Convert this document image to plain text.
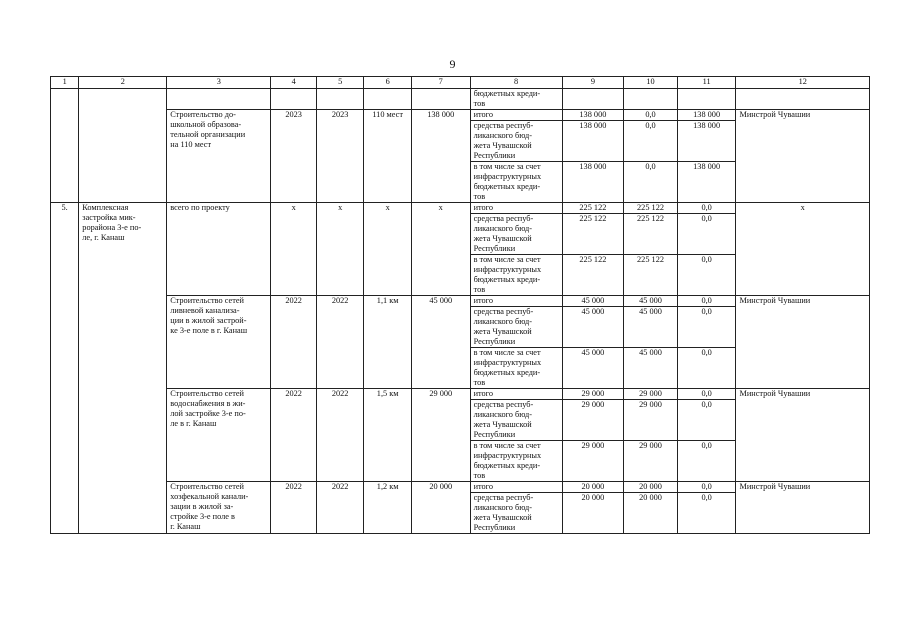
9
1	2	3	4	5	6	7	8	9	10	11	12
							бюджетных креди-
тов				
		Строительство до-
школьной образова-
тельной организации
на 110 мест	2023	2023	110 мест	138 000	итого	138 000	0,0	138 000	Минстрой Чувашии
							средства респуб-
ликанского бюд-
жета Чувашской
Республики	138 000	0,0	138 000	
							в том числе за счет
инфраструктурных
бюджетных креди-
тов	138 000	0,0	138 000	
5.	Комплексная
застройка мик-
рорайона 3-е по-
ле, г. Канаш	всего по проекту	х	х	х	х	итого	225 122	225 122	0,0	х
							средства респуб-
ликанского бюд-
жета Чувашской
Республики	225 122	225 122	0,0	
							в том числе за счет
инфраструктурных
бюджетных креди-
тов	225 122	225 122	0,0	
		Строительство сетей
ливневой канализа-
ции в жилой застрой-
ке 3-е поле в г. Канаш	2022	2022	1,1 км	45 000	итого	45 000	45 000	0,0	Минстрой Чувашии
							средства респуб-
ликанского бюд-
жета Чувашской
Республики	45 000	45 000	0,0	
							в том числе за счет
инфраструктурных
бюджетных креди-
тов	45 000	45 000	0,0	
		Строительство сетей
водоснабжения в жи-
лой застройке 3-е по-
ле в г. Канаш	2022	2022	1,5 км	29 000	итого	29 000	29 000	0,0	Минстрой Чувашии
							средства респуб-
ликанского бюд-
жета Чувашской
Республики	29 000	29 000	0,0	
							в том числе за счет
инфраструктурных
бюджетных креди-
тов	29 000	29 000	0,0	
		Строительство сетей
хозфекальной канали-
зации в жилой за-
стройке 3-е поле в
г. Канаш	2022	2022	1,2 км	20 000	итого	20 000	20 000	0,0	Минстрой Чувашии
							средства респуб-
ликанского бюд-
жета Чувашской
Республики	20 000	20 000	0,0	
